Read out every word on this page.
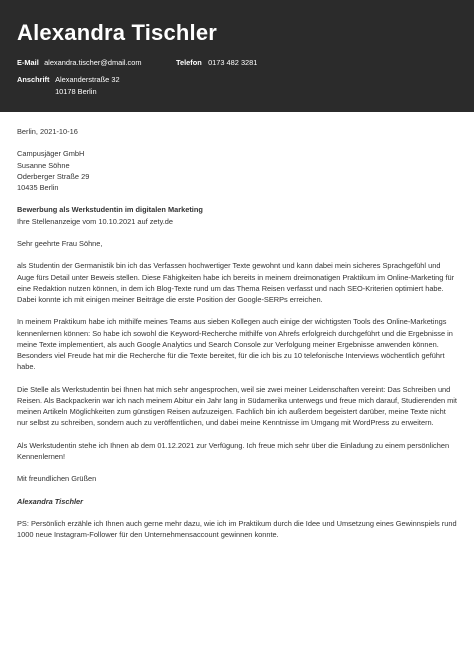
Alexandra Tischler
E-Mail alexandra.tischer@dmail.com	Telefon 0173 482 3281
Anschrift Alexanderstraße 32
10178 Berlin

Berlin, 2021-10-16

Campusjäger GmbH
Susanne Söhne
Oderberger Straße 29
10435 Berlin

Bewerbung als Werkstudentin im digitalen Marketing
Ihre Stellenanzeige vom 10.10.2021 auf zety.de

Sehr geehrte Frau Söhne,

als Studentin der Germanistik bin ich das Verfassen hochwertiger Texte gewohnt und kann dabei mein sicheres Sprachgefühl und Auge fürs Detail unter Beweis stellen. Diese Fähigkeiten habe ich bereits in meinem dreimonatigen Praktikum im Online-Marketing für eine Redaktion nutzen können, in dem ich Blog-Texte rund um das Thema Reisen verfasst und nach SEO-Kriterien optimiert habe. Dabei konnte ich mit einigen meiner Beiträge die erste Position der Google-SERPs erreichen.

In meinem Praktikum habe ich mithilfe meines Teams aus sieben Kollegen auch einige der wichtigsten Tools des Online-Marketings kennenlernen können: So habe ich sowohl die Keyword-Recherche mithilfe von Ahrefs erfolgreich durchgeführt und die Ergebnisse in meine Texte implementiert, als auch Google Analytics und Search Console zur Verfolgung meiner Ergebnisse anwenden können. Besonders viel Freude hat mir die Recherche für die Texte bereitet, für die ich bis zu 10 telefonische Interviews wöchentlich geführt habe.

Die Stelle als Werkstudentin bei Ihnen hat mich sehr angesprochen, weil sie zwei meiner Leidenschaften vereint: Das Schreiben und Reisen. Als Backpackerin war ich nach meinem Abitur ein Jahr lang in Südamerika unterwegs und freue mich darauf, Studierenden mit meinen Artikeln Möglichkeiten zum günstigen Reisen aufzuzeigen. Fachlich bin ich außerdem begeistert darüber, meine Texte nicht nur selbst zu schreiben, sondern auch zu veröffentlichen, und dabei meine Kenntnisse im Umgang mit WordPress zu erweitern.

Als Werkstudentin stehe ich Ihnen ab dem 01.12.2021 zur Verfügung. Ich freue mich sehr über die Einladung zu einem persönlichen Kennenlernen!

Mit freundlichen Grüßen

Alexandra Tischler

PS: Persönlich erzähle ich Ihnen auch gerne mehr dazu, wie ich im Praktikum durch die Idee und Umsetzung eines Gewinnspiels rund 1000 neue Instagram-Follower für den Unternehmensaccount gewinnen konnte.
